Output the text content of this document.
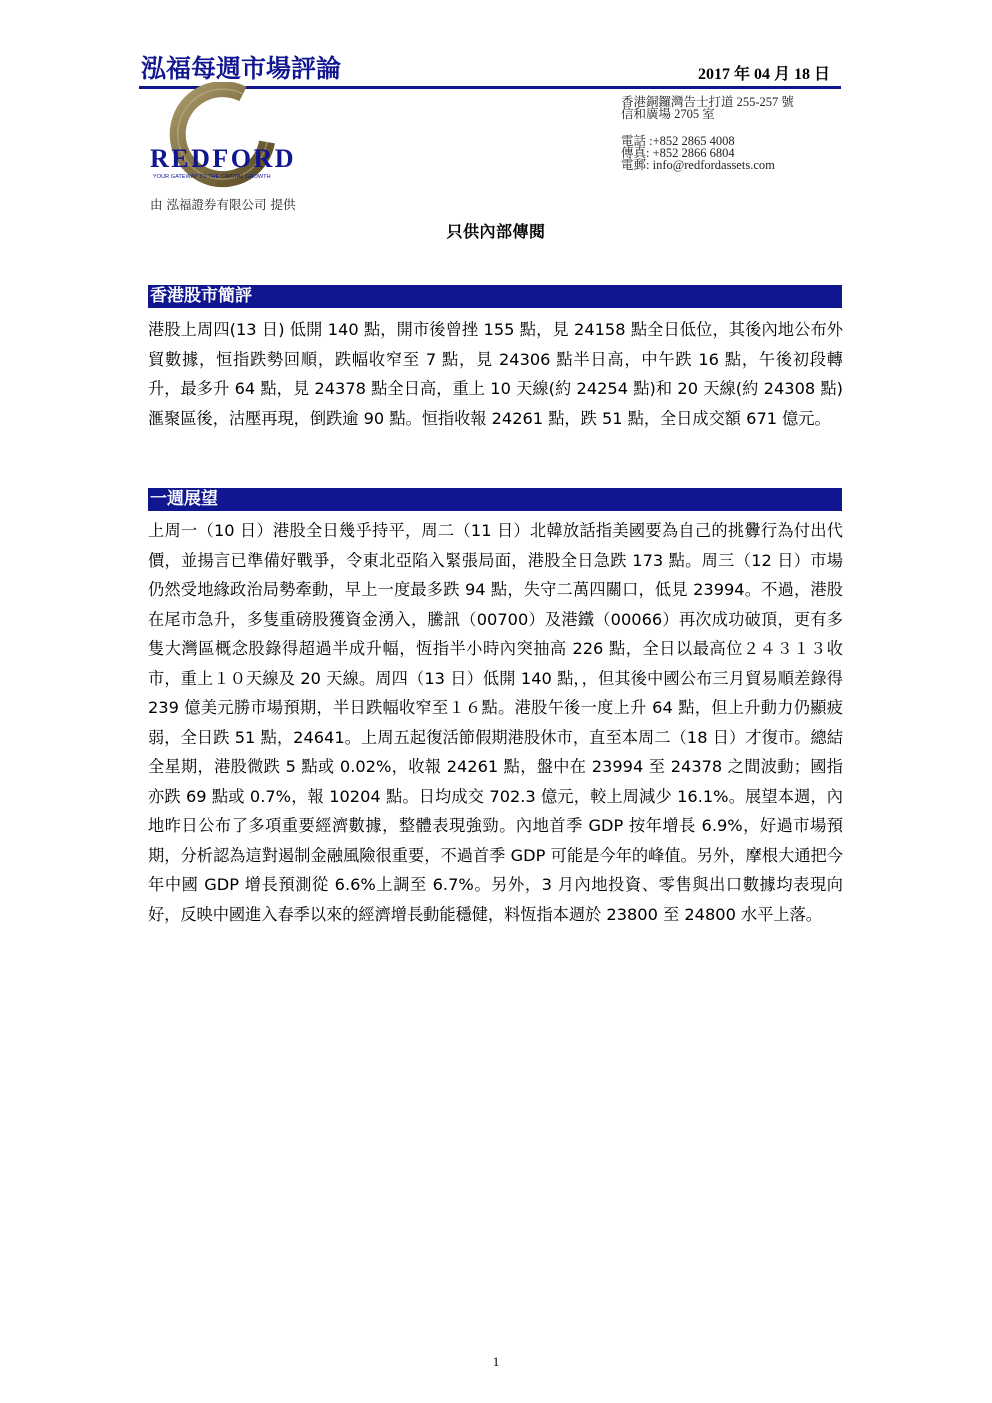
泓福每週市場評論	2017 年 04 月 18 日
REDFORD
YOUR GATEWAY TO THE CAPITAL GROWTH
香港銅鑼灣告士打道 255-257 號
信和廣場 2705 室
電話 :+852 2865 4008
傳真: +852 2866 6804
電郵: info@redfordassets.com
由 泓福證券有限公司 提供
只供內部傳閱
香港股市簡評
港股上周四(13 日) 低開 140 點，開市後曾挫 155 點，見 24158 點全日低位，其後內地公布外貿數據，恒指跌勢回順，跌幅收窄至 7 點，見 24306 點半日高，中午跌 16 點，午後初段轉升，最多升 64 點，見 24378 點全日高，重上 10 天線(約 24254 點)和 20 天線(約 24308 點)滙聚區後，沽壓再現，倒跌逾 90 點。恒指收報 24261 點，跌 51 點，全日成交額 671 億元。
一週展望
上周一（10 日）港股全日幾乎持平，周二（11 日）北韓放話指美國要為自己的挑釁行為付出代價，並揚言已準備好戰爭，令東北亞陷入緊張局面，港股全日急跌 173 點。周三（12 日）市場仍然受地緣政治局勢牽動，早上一度最多跌 94 點，失守二萬四關口，低見 23994。不過，港股在尾市急升，多隻重磅股獲資金湧入，騰訊（00700）及港鐵（00066）再次成功破頂，更有多隻大灣區概念股錄得超過半成升幅，恆指半小時內突抽高 226 點，全日以最高位２４３１３收市，重上１０天線及 20 天線。周四（13 日）低開 140 點，，但其後中國公布三月貿易順差錄得 239 億美元勝市場預期，半日跌幅收窄至１６點。港股午後一度上升 64 點，但上升動力仍顯疲弱，全日跌 51 點，24641。上周五起復活節假期港股休市，直至本周二（18 日）才復市。總結全星期，港股微跌 5 點或 0.02%，收報 24261 點，盤中在 23994 至 24378 之間波動；國指亦跌 69 點或 0.7%，報 10204 點。日均成交 702.3 億元，較上周減少 16.1%。展望本週，內地昨日公布了多項重要經濟數據，整體表現強勁。內地首季 GDP 按年增長 6.9%，好過市場預期，分析認為這對遏制金融風險很重要，不過首季 GDP 可能是今年的峰值。另外，摩根大通把今年中國 GDP 增長預測從 6.6%上調至 6.7%。另外，3 月內地投資、零售與出口數據均表現向好，反映中國進入春季以來的經濟增長動能穩健，料恆指本週於 23800 至 24800 水平上落。
1
